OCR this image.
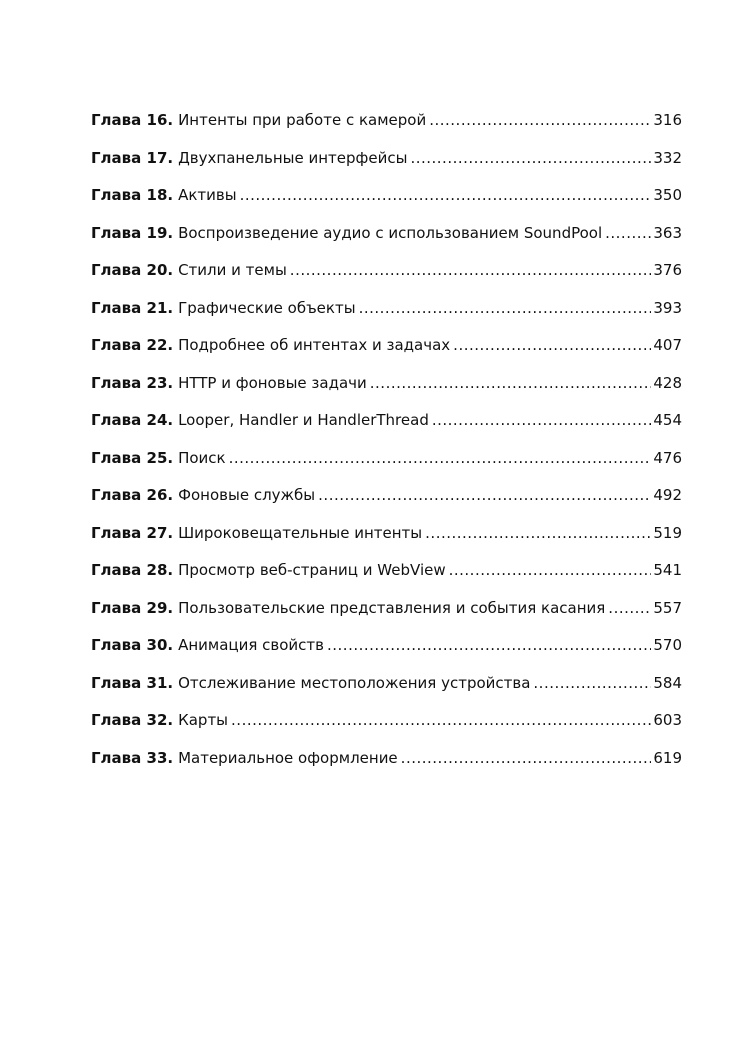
Глава 16. Интенты при работе с камерой .....	316
Глава 17. Двухпанельные интерфейсы .....	332
Глава 18. Активы .....	350
Глава 19. Воспроизведение аудио с использованием SoundPool .....	363
Глава 20. Стили и темы .....	376
Глава 21. Графические объекты .....	393
Глава 22. Подробнее об интентах и задачах .....	407
Глава 23. HTTP и фоновые задачи .....	428
Глава 24. Looper, Handler и HandlerThread .....	454
Глава 25. Поиск .....	476
Глава 26. Фоновые службы .....	492
Глава 27. Широковещательные интенты .....	519
Глава 28. Просмотр веб-страниц и WebView .....	541
Глава 29. Пользовательские представления и события касания .....	557
Глава 30. Анимация свойств .....	570
Глава 31. Отслеживание местоположения устройства .....	584
Глава 32. Карты .....	603
Глава 33. Материальное оформление .....	619
